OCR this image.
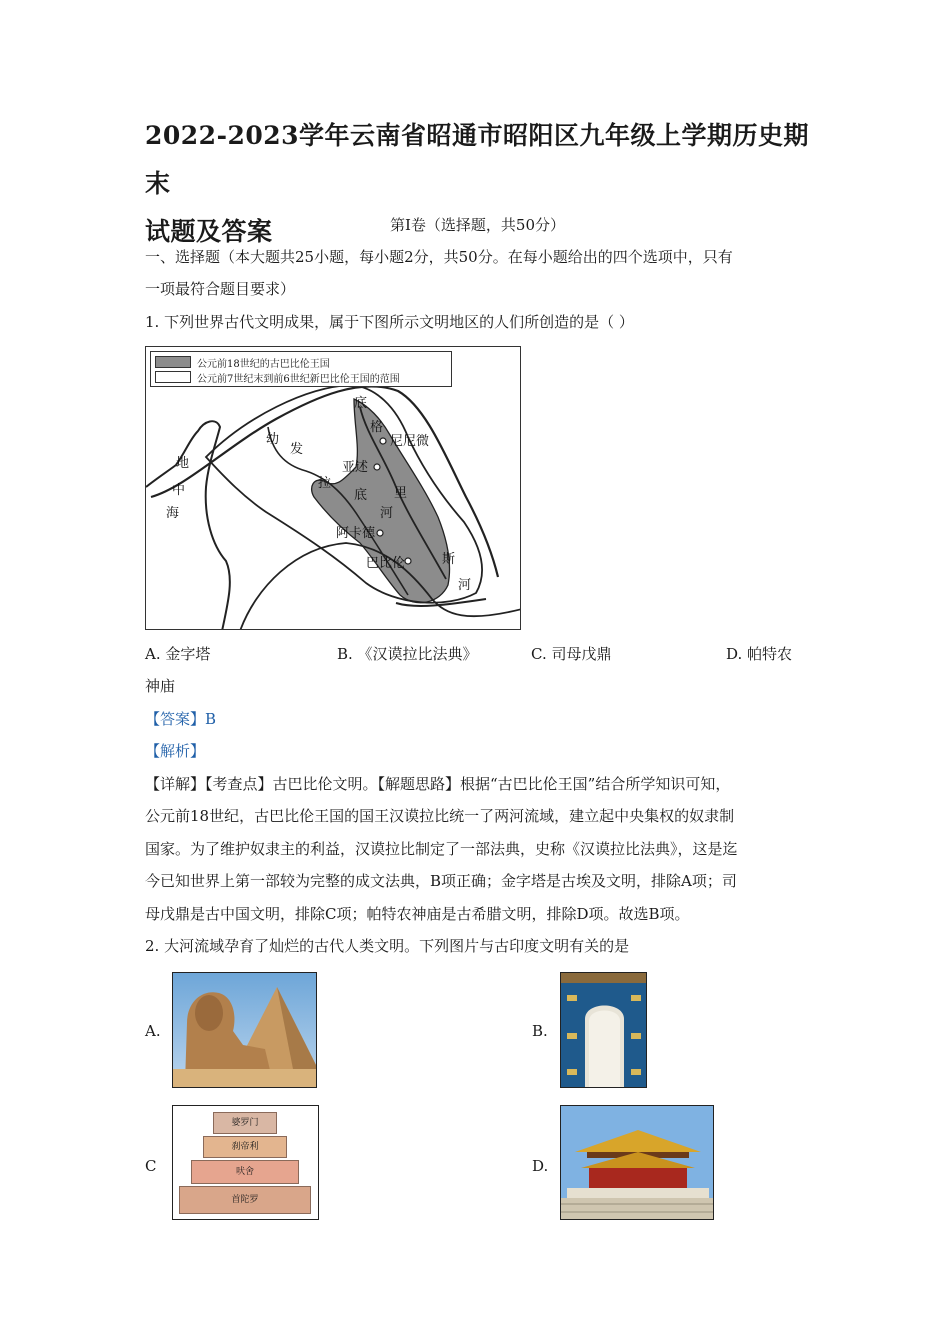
2022-2023学年云南省昭通市昭阳区九年级上学期历史期末
试题及答案	第Ⅰ卷（选择题，共50分）

一、选择题（本大题共25小题，每小题2分，共50分。在每小题给出的四个选项中，只有

一项最符合题目要求）

1. 下列世界古代文明成果，属于下图所示文明地区的人们所创造的是（ ）

公元前18世纪的古巴比伦王国
公元前7世纪末到前6世纪新巴比伦王国的范围
地
中
海
幼
发
拉
底
河
底
格
里
斯
河
尼尼微
亚述
阿卡德
巴比伦
A. 金字塔	B. 《汉谟拉比法典》	C. 司母戊鼎	D. 帕特农
神庙

【答案】B

【解析】

【详解】【考查点】古巴比伦文明。【解题思路】根据“古巴比伦王国”结合所学知识可知，

公元前18世纪，古巴比伦王国的国王汉谟拉比统一了两河流域，建立起中央集权的奴隶制

国家。为了维护奴隶主的利益，汉谟拉比制定了一部法典，史称《汉谟拉比法典》，这是迄

今已知世界上第一部较为完整的成文法典，B项正确；金字塔是古埃及文明，排除A项；司

母戊鼎是古中国文明，排除C项；帕特农神庙是古希腊文明，排除D项。故选B项。

2. 大河流域孕育了灿烂的古代人类文明。下列图片与古印度文明有关的是

A.	B.
C
婆罗门
刹帝利
吠舍
首陀罗
D.
